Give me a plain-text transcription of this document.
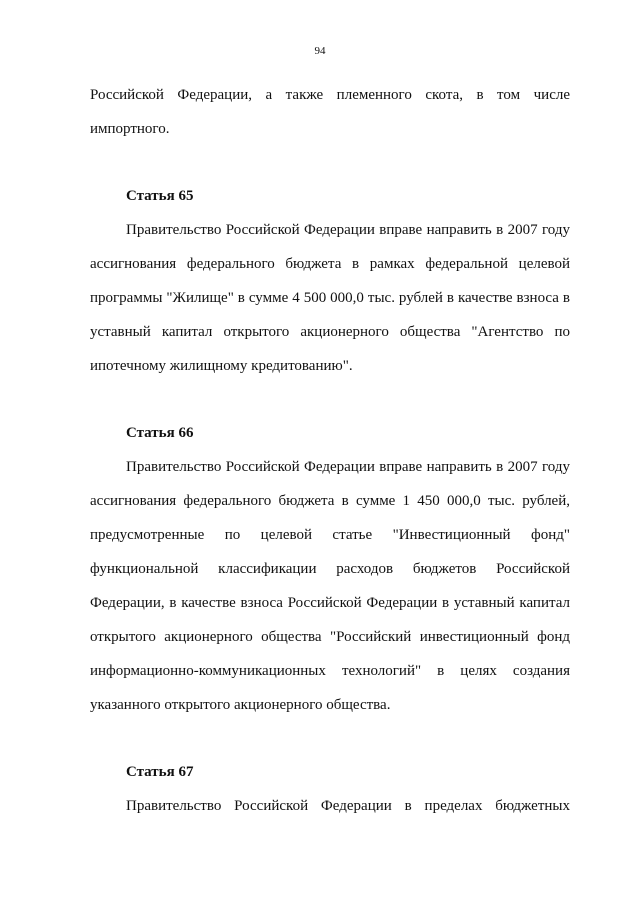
94
Российской Федерации, а также племенного скота, в том числе
импортного.
Статья 65
Правительство Российской Федерации вправе направить в 2007 году
ассигнования федерального бюджета в рамках федеральной целевой
программы "Жилище" в сумме 4 500 000,0 тыс. рублей в качестве взноса в
уставный капитал открытого акционерного общества "Агентство по
ипотечному жилищному кредитованию".
Статья 66
Правительство Российской Федерации вправе направить в 2007 году
ассигнования федерального бюджета в сумме 1 450 000,0 тыс. рублей,
предусмотренные по целевой статье "Инвестиционный фонд"
функциональной классификации расходов бюджетов Российской
Федерации, в качестве взноса Российской Федерации в уставный капитал
открытого акционерного общества "Российский инвестиционный фонд
информационно-коммуникационных технологий" в целях создания
указанного открытого акционерного общества.
Статья 67
Правительство Российской Федерации в пределах бюджетных
